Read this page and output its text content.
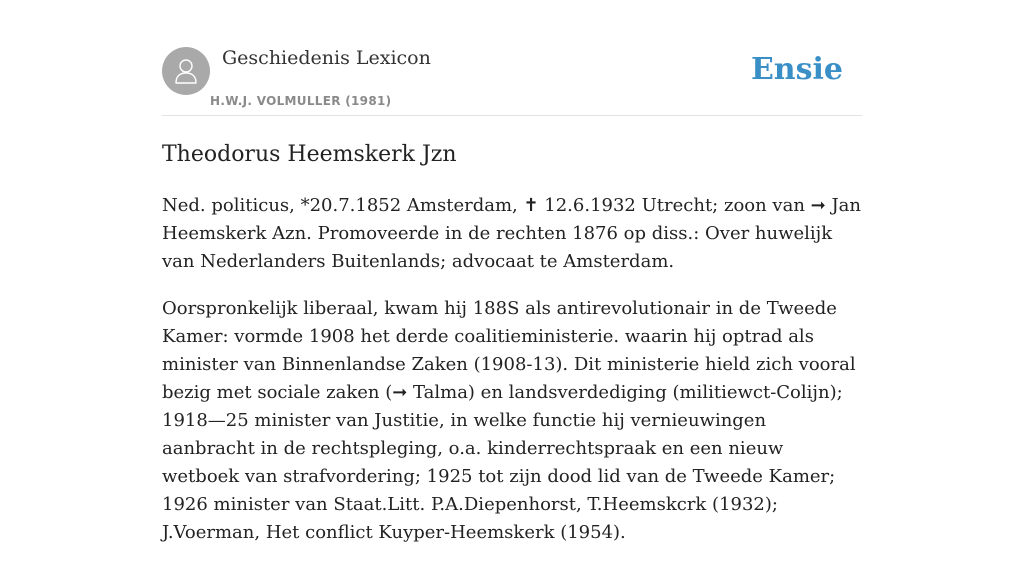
Geschiedenis Lexicon
H.W.J. VOLMULLER (1981)
Ensie
Theodorus Heemskerk Jzn

Ned. politicus, *20.7.1852 Amsterdam, ✝ 12.6.1932 Utrecht; zoon van ➞ Jan Heemskerk Azn. Promoveerde in de rechten 1876 op diss.: Over huwelijk van Nederlanders Buitenlands; advocaat te Amsterdam.

Oorspronkelijk liberaal, kwam hij 188S als antirevolutionair in de Tweede Kamer: vormde 1908 het derde coalitieministerie. waarin hij optrad als minister van Binnenlandse Zaken (1908-13). Dit ministerie hield zich vooral bezig met sociale zaken (➞ Talma) en landsverdediging (militiewct-Colijn); 1918—25 minister van Justitie, in welke functie hij vernieuwingen aanbracht in de rechtspleging, o.a. kinderrechtspraak en een nieuw wetboek van strafvordering; 1925 tot zijn dood lid van de Tweede Kamer; 1926 minister van Staat.Litt. P.A.Diepenhorst, T.Heemskcrk (1932); J.Voerman, Het conflict Kuyper-Heemskerk (1954).
